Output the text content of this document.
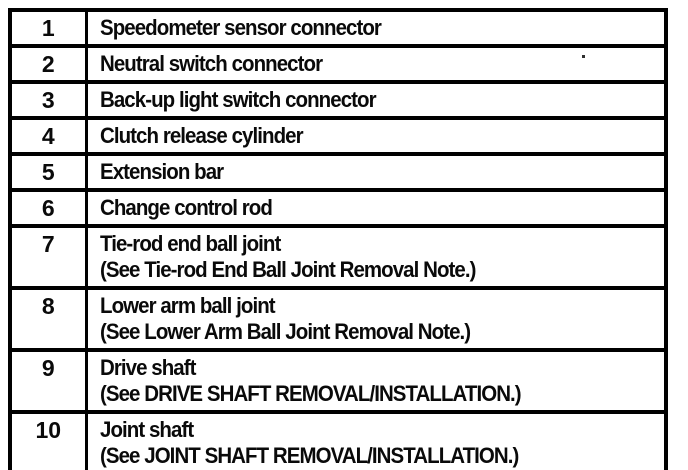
1	Speedometer sensor connector

2	Neutral switch connector

3	Back-up light switch connector

4	Clutch release cylinder

5	Extension bar

6	Change control rod

7	Tie-rod end ball joint
(See Tie-rod End Ball Joint Removal Note.)

8	Lower arm ball joint
(See Lower Arm Ball Joint Removal Note.)

9	Drive shaft
(See DRIVE SHAFT REMOVAL/INSTALLATION.)

10	Joint shaft
(See JOINT SHAFT REMOVAL/INSTALLATION.)
